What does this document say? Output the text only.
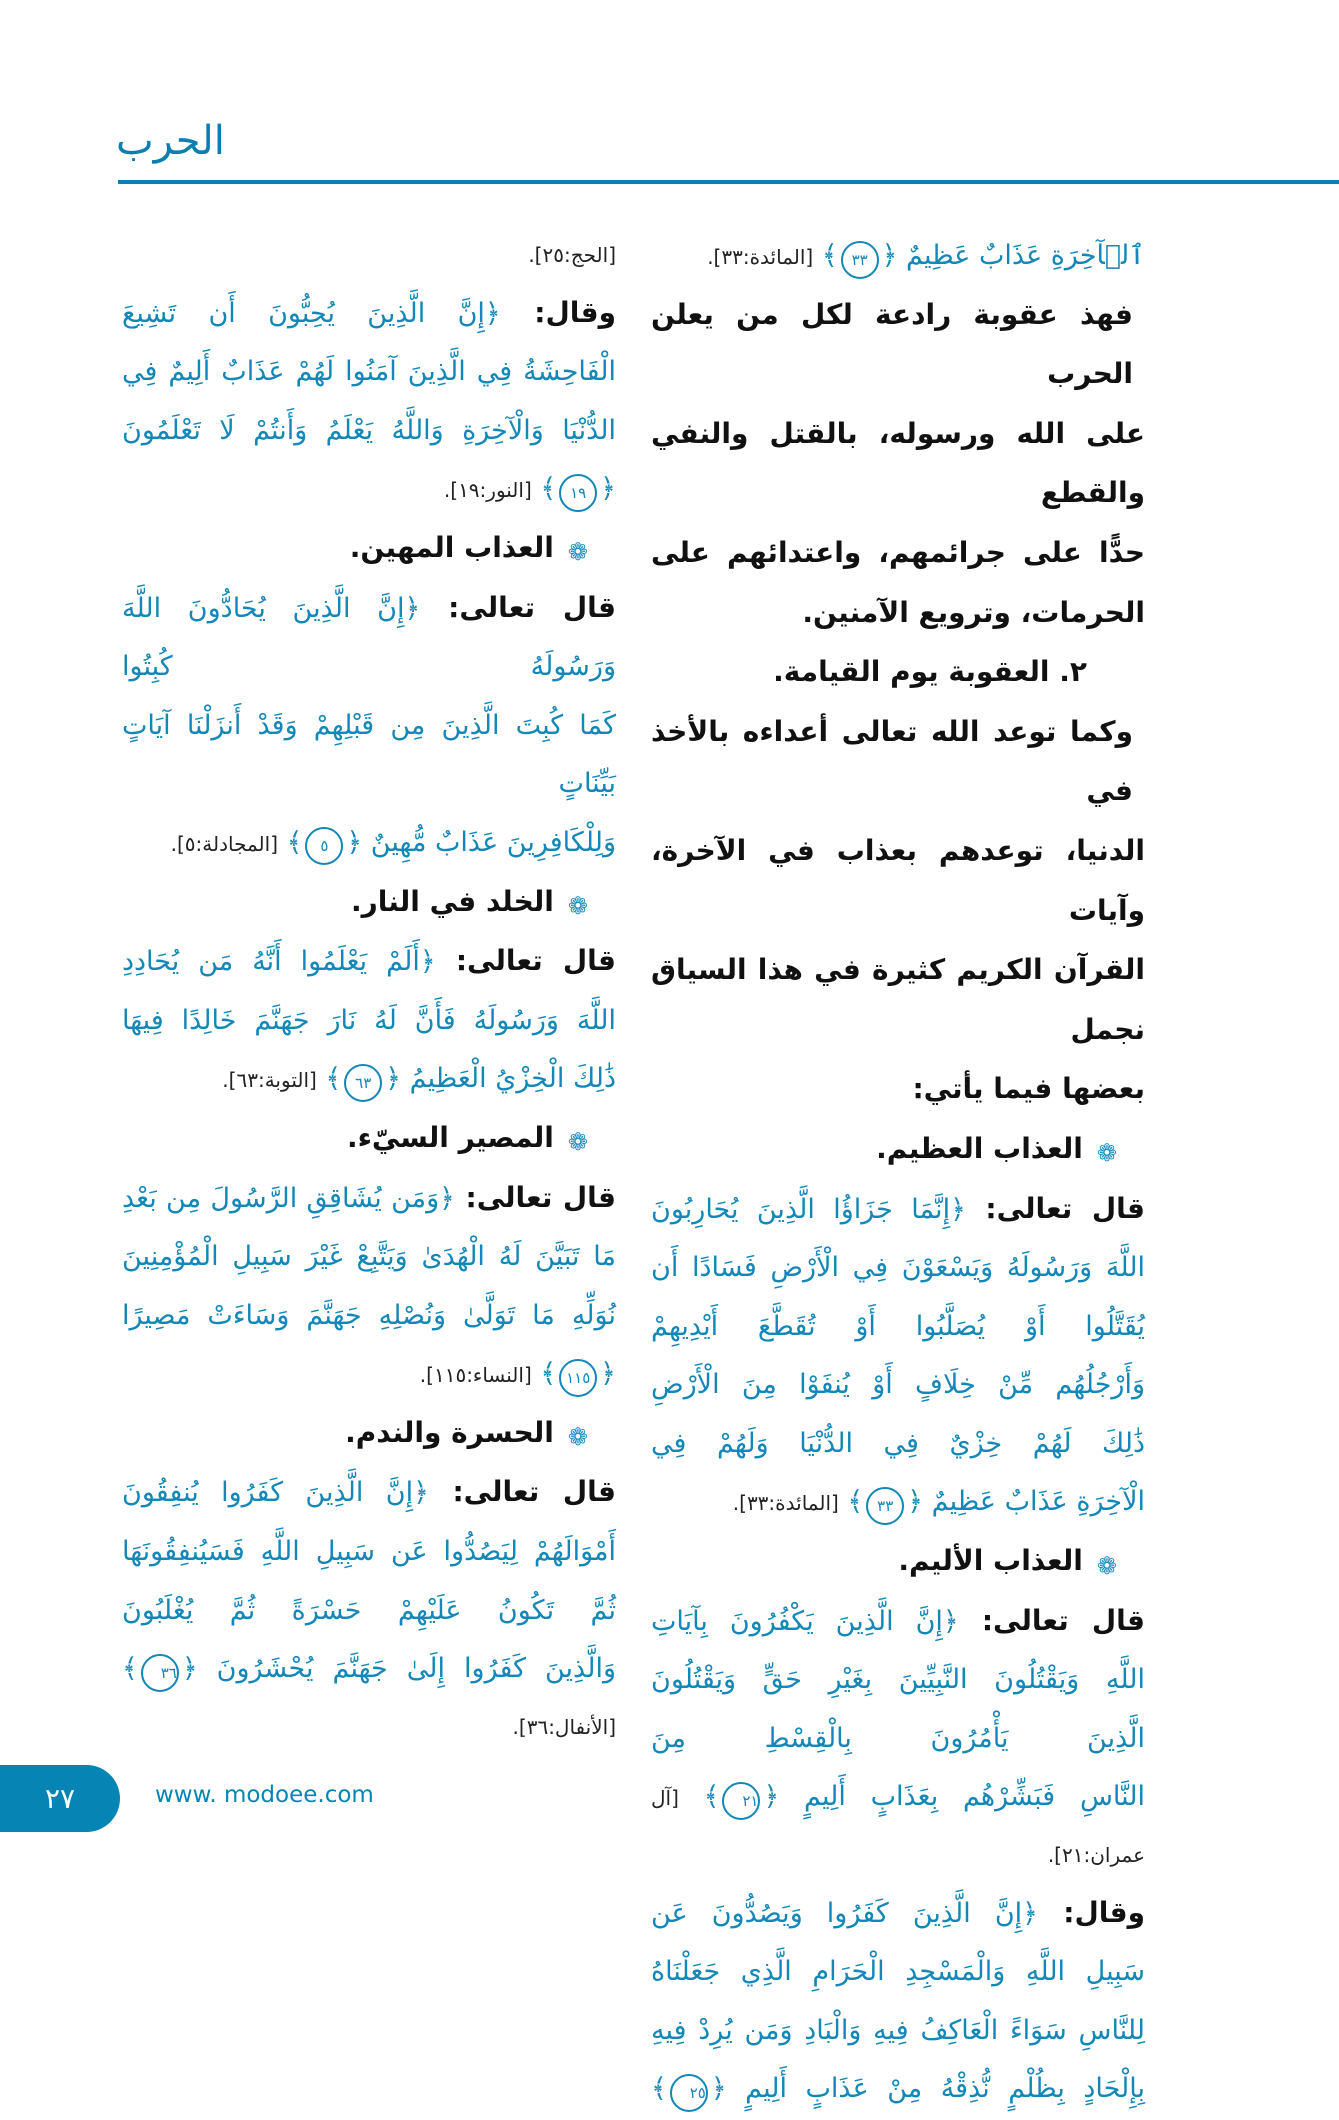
الحرب
ٱلۡآخِرَةِ عَذَابٌ عَظِيمٌ ﴿٣٣﴾ [المائدة:٣٣].
فهذ عقوبة رادعة لكل من يعلن الحرب
على الله ورسوله، بالقتل والنفي والقطع
حدًّا على جرائمهم، واعتدائهم على
الحرمات، وترويع الآمنين.
٢. العقوبة يوم القيامة.
وكما توعد الله تعالى أعداءه بالأخذ في
الدنيا، توعدهم بعذاب في الآخرة، وآيات
القرآن الكريم كثيرة في هذا السياق نجمل
بعضها فيما يأتي:
❁العذاب العظيم.
قال تعالى: ﴿إِنَّمَا جَزَاؤُا الَّذِينَ يُحَارِبُونَ
اللَّهَ وَرَسُولَهُ وَيَسْعَوْنَ فِي الْأَرْضِ فَسَادًا أَن
يُقَتَّلُوا أَوْ يُصَلَّبُوا أَوْ تُقَطَّعَ أَيْدِيهِمْ
وَأَرْجُلُهُم مِّنْ خِلَافٍ أَوْ يُنفَوْا مِنَ الْأَرْضِ
ذَٰلِكَ لَهُمْ خِزْيٌ فِي الدُّنْيَا وَلَهُمْ فِي
الْآخِرَةِ عَذَابٌ عَظِيمٌ ﴿٣٣﴾ [المائدة:٣٣].
❁العذاب الأليم.
قال تعالى: ﴿إِنَّ الَّذِينَ يَكْفُرُونَ بِآيَاتِ
اللَّهِ وَيَقْتُلُونَ النَّبِيِّينَ بِغَيْرِ حَقٍّ وَيَقْتُلُونَ
الَّذِينَ يَأْمُرُونَ بِالْقِسْطِ مِنَ
النَّاسِ فَبَشِّرْهُم بِعَذَابٍ أَلِيمٍ ﴿٢١﴾ [آل
عمران:٢١].
وقال: ﴿إِنَّ الَّذِينَ كَفَرُوا وَيَصُدُّونَ عَن
سَبِيلِ اللَّهِ وَالْمَسْجِدِ الْحَرَامِ الَّذِي جَعَلْنَاهُ
لِلنَّاسِ سَوَاءً الْعَاكِفُ فِيهِ وَالْبَادِ وَمَن يُرِدْ فِيهِ
بِإِلْحَادٍ بِظُلْمٍ نُّذِقْهُ مِنْ عَذَابٍ أَلِيمٍ ﴿٢٥﴾
[الحج:٢٥].
وقال: ﴿إِنَّ الَّذِينَ يُحِبُّونَ أَن تَشِيعَ
الْفَاحِشَةُ فِي الَّذِينَ آمَنُوا لَهُمْ عَذَابٌ أَلِيمٌ فِي
الدُّنْيَا وَالْآخِرَةِ وَاللَّهُ يَعْلَمُ وَأَنتُمْ لَا تَعْلَمُونَ
﴿١٩﴾ [النور:١٩].
❁العذاب المهين.
قال تعالى: ﴿إِنَّ الَّذِينَ يُحَادُّونَ اللَّهَ وَرَسُولَهُ كُبِتُوا
كَمَا كُبِتَ الَّذِينَ مِن قَبْلِهِمْ وَقَدْ أَنزَلْنَا آيَاتٍ بَيِّنَاتٍ
وَلِلْكَافِرِينَ عَذَابٌ مُّهِينٌ ﴿٥﴾ [المجادلة:٥].
❁الخلد في النار.
قال تعالى: ﴿أَلَمْ يَعْلَمُوا أَنَّهُ مَن يُحَادِدِ
اللَّهَ وَرَسُولَهُ فَأَنَّ لَهُ نَارَ جَهَنَّمَ خَالِدًا فِيهَا
ذَٰلِكَ الْخِزْيُ الْعَظِيمُ ﴿٦٣﴾ [التوبة:٦٣].
❁المصير السيّء.
قال تعالى: ﴿وَمَن يُشَاقِقِ الرَّسُولَ مِن بَعْدِ
مَا تَبَيَّنَ لَهُ الْهُدَىٰ وَيَتَّبِعْ غَيْرَ سَبِيلِ الْمُؤْمِنِينَ
نُوَلِّهِ مَا تَوَلَّىٰ وَنُصْلِهِ جَهَنَّمَ وَسَاءَتْ مَصِيرًا
﴿١١٥﴾ [النساء:١١٥].
❁الحسرة والندم.
قال تعالى: ﴿إِنَّ الَّذِينَ كَفَرُوا يُنفِقُونَ
أَمْوَالَهُمْ لِيَصُدُّوا عَن سَبِيلِ اللَّهِ فَسَيُنفِقُونَهَا
ثُمَّ تَكُونُ عَلَيْهِمْ حَسْرَةً ثُمَّ يُغْلَبُونَ
وَالَّذِينَ كَفَرُوا إِلَىٰ جَهَنَّمَ يُحْشَرُونَ ﴿٣٦﴾
[الأنفال:٣٦].
٢٧	www. modoee.com
